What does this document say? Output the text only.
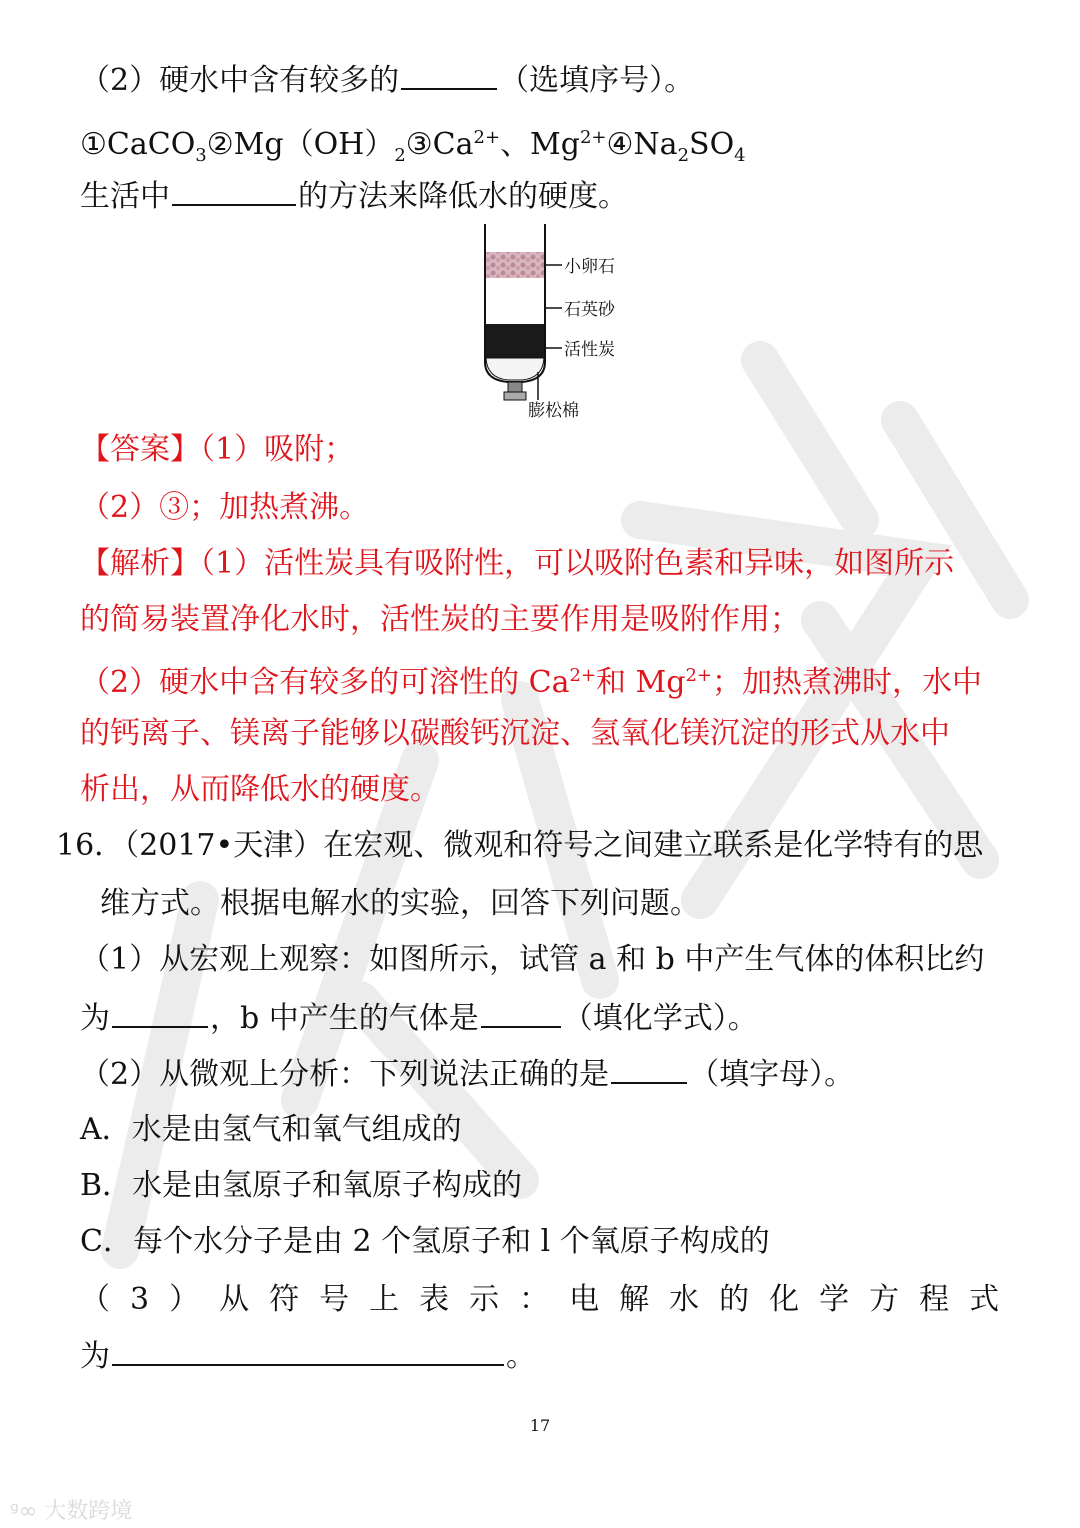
（2）硬水中含有较多的	（选填序号）。
$①CaCO_3②Mg(OH)_2③Ca^{2+}$、$Mg^{2+}④Na_2SO_4$
生活中	的方法来降低水的硬度。
小卵石
石英砂
活性炭
膨松棉
【答案】（1）吸附；
（2）③；加热煮沸。
【解析】（1）活性炭具有吸附性，可以吸附色素和异味，如图所示
的简易装置净化水时，活性炭的主要作用是吸附作用；
（2）硬水中含有较多的可溶性的 $Ca^{2+}$和 $Mg^{2+}$；加热煮沸时，水中
的钙离子、镁离子能够以碳酸钙沉淀、氢氧化镁沉淀的形式从水中
析出，从而降低水的硬度。
16．（2017•天津）在宏观、微观和符号之间建立联系是化学特有的思
维方式。根据电解水的实验，回答下列问题。
（1）从宏观上观察：如图所示，试管 a 和 b 中产生气体的体积比约
为	，b 中产生的气体是	（填化学式）。
（2）从微观上分析：下列说法正确的是	（填字母）。
A．水是由氢气和氧气组成的
B．水是由氢原子和氧原子构成的
C．每个水分子是由 2 个氢原子和 l 个氧原子构成的
（3）从符号上表示：电解水的化学方程式
为	。
17
ᵍ∞ 大数跨境
